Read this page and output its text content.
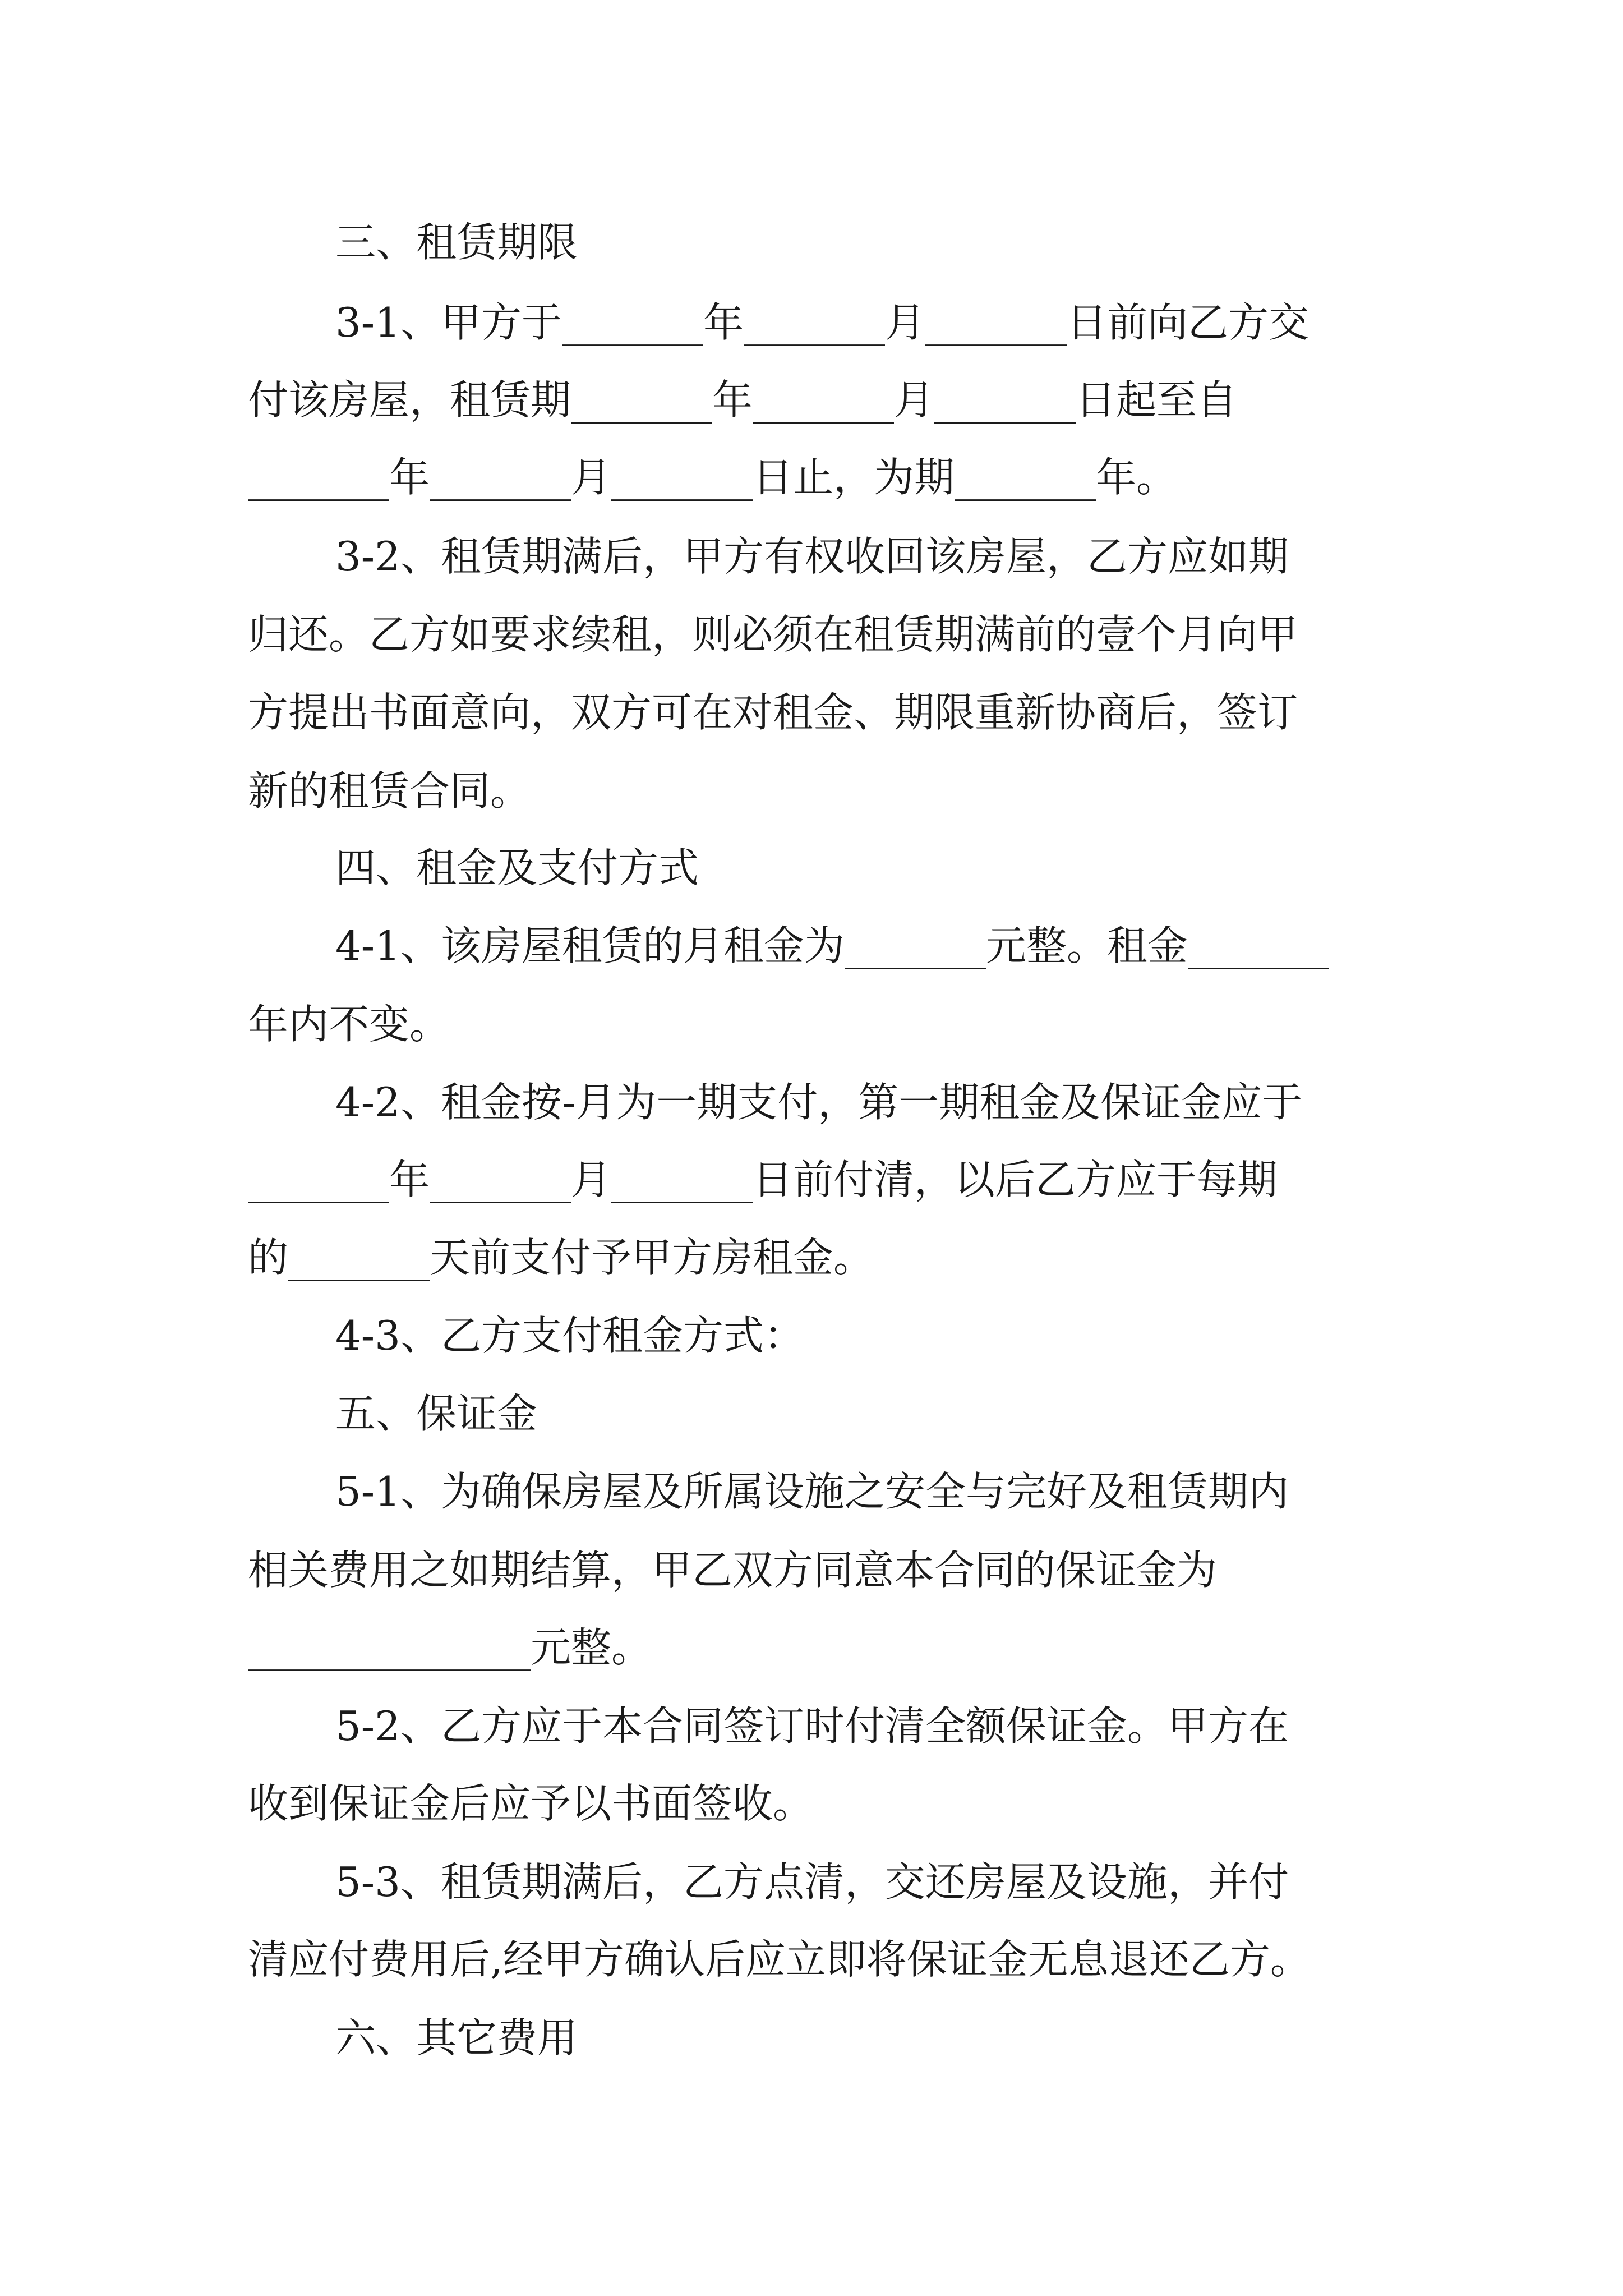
三、租赁期限

3-1、甲方于_______年_______月_______日前向乙方交

付该房屋，租赁期_______年_______月_______日起至自

_______年_______月_______日止，为期_______年。

3-2、租赁期满后，甲方有权收回该房屋，乙方应如期

归还。乙方如要求续租，则必须在租赁期满前的壹个月向甲

方提出书面意向，双方可在对租金、期限重新协商后，签订

新的租赁合同。

四、租金及支付方式

4-1、该房屋租赁的月租金为_______元整。租金_______

年内不变。

4-2、租金按-月为一期支付，第一期租金及保证金应于

_______年_______月_______日前付清，以后乙方应于每期

的_______天前支付予甲方房租金。

4-3、乙方支付租金方式：

五、保证金

5-1、为确保房屋及所属设施之安全与完好及租赁期内

相关费用之如期结算，甲乙双方同意本合同的保证金为

______________元整。

5-2、乙方应于本合同签订时付清全额保证金。甲方在

收到保证金后应予以书面签收。

5-3、租赁期满后，乙方点清，交还房屋及设施，并付

清应付费用后,经甲方确认后应立即将保证金无息退还乙方。

六、其它费用
